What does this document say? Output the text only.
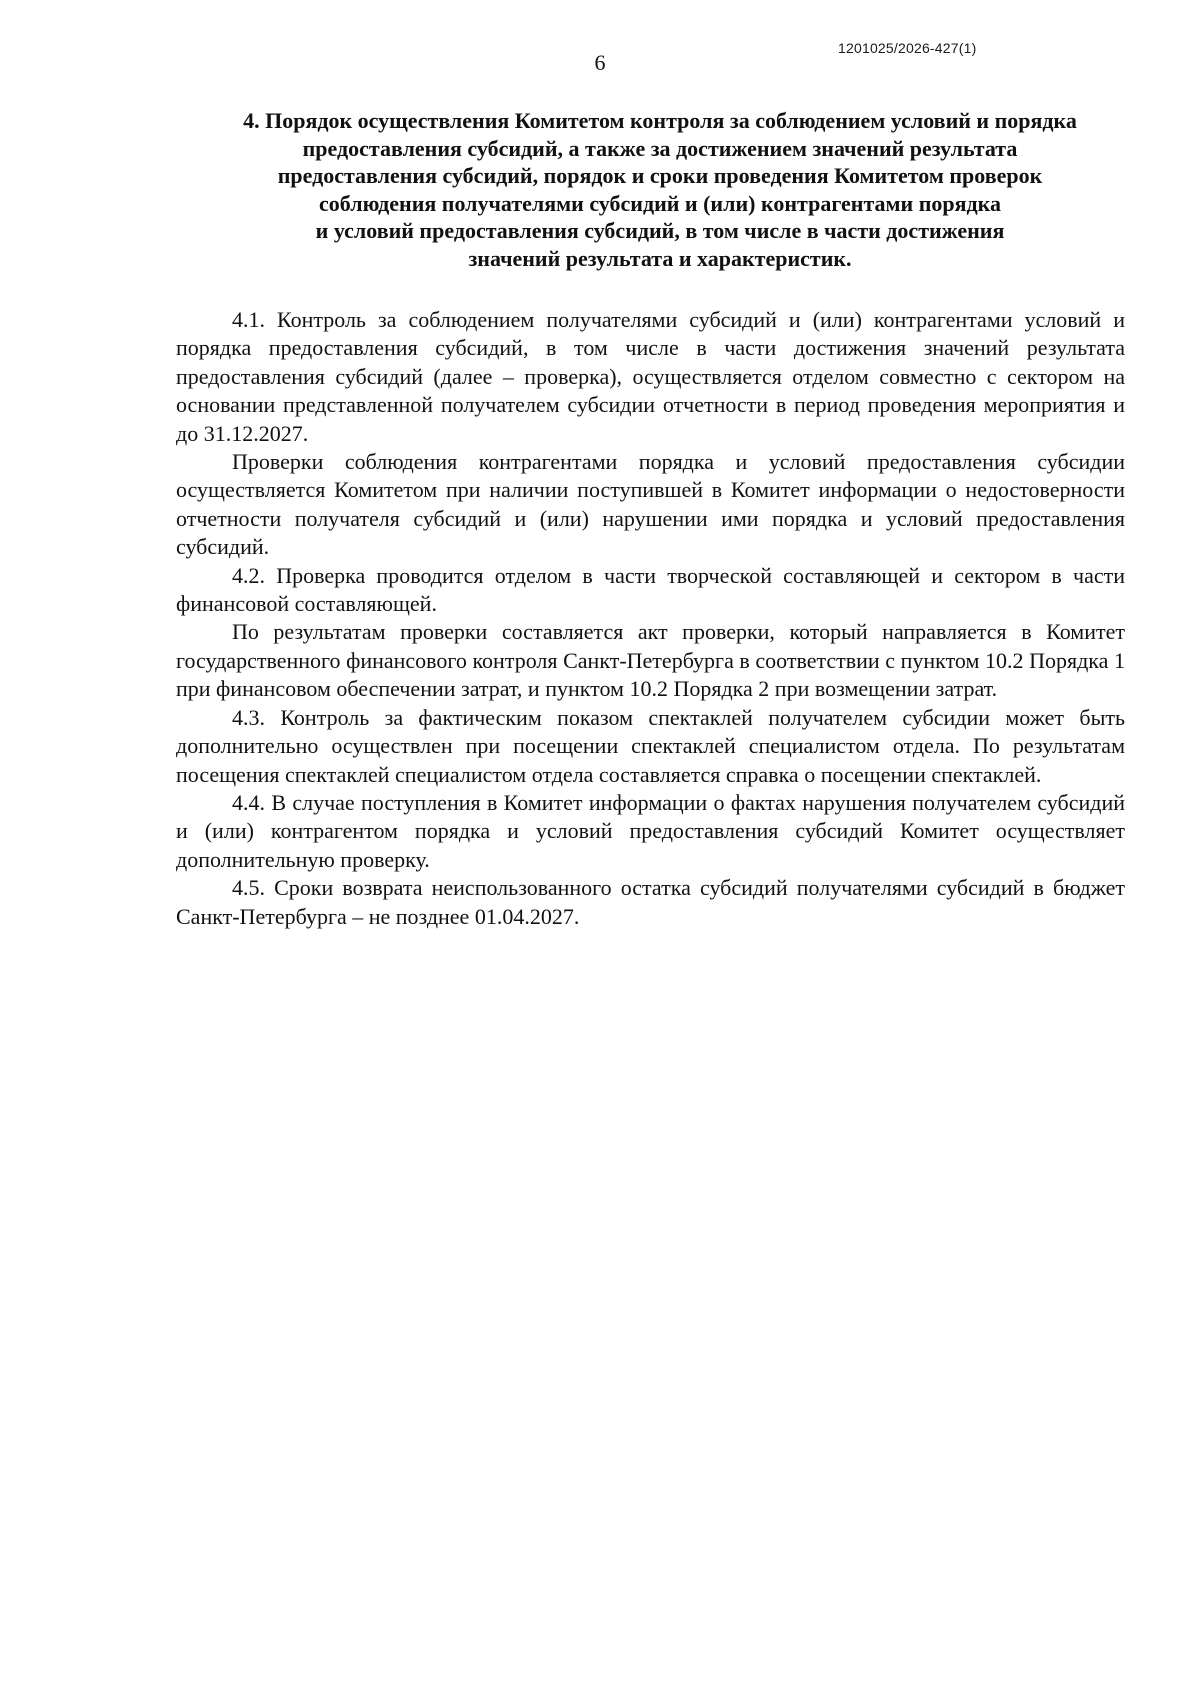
1201025/2026-427(1)
6
4. Порядок осуществления Комитетом контроля за соблюдением условий и порядка
предоставления субсидий, а также за достижением значений результата
предоставления субсидий, порядок и сроки проведения Комитетом проверок
соблюдения получателями субсидий и (или) контрагентами порядка
и условий предоставления субсидий, в том числе в части достижения
значений результата и характеристик.

4.1. Контроль за соблюдением получателями субсидий и (или) контрагентами условий и порядка предоставления субсидий, в том числе в части достижения значений результата предоставления субсидий (далее – проверка), осуществляется отделом совместно с сектором на основании представленной получателем субсидии отчетности в период проведения мероприятия и до 31.12.2027.

Проверки соблюдения контрагентами порядка и условий предоставления субсидии осуществляется Комитетом при наличии поступившей в Комитет информации о недостоверности отчетности получателя субсидий и (или) нарушении ими порядка и условий предоставления субсидий.

4.2. Проверка проводится отделом в части творческой составляющей и сектором в части финансовой составляющей.

По результатам проверки составляется акт проверки, который направляется в Комитет государственного финансового контроля Санкт-Петербурга в соответствии с пунктом 10.2 Порядка 1 при финансовом обеспечении затрат, и пунктом 10.2 Порядка 2 при возмещении затрат.

4.3. Контроль за фактическим показом спектаклей получателем субсидии может быть дополнительно осуществлен при посещении спектаклей специалистом отдела. По результатам посещения спектаклей специалистом отдела составляется справка о посещении спектаклей.

4.4. В случае поступления в Комитет информации о фактах нарушения получателем субсидий и (или) контрагентом порядка и условий предоставления субсидий Комитет осуществляет дополнительную проверку.

4.5. Сроки возврата неиспользованного остатка субсидий получателями субсидий в бюджет Санкт-Петербурга – не позднее 01.04.2027.
